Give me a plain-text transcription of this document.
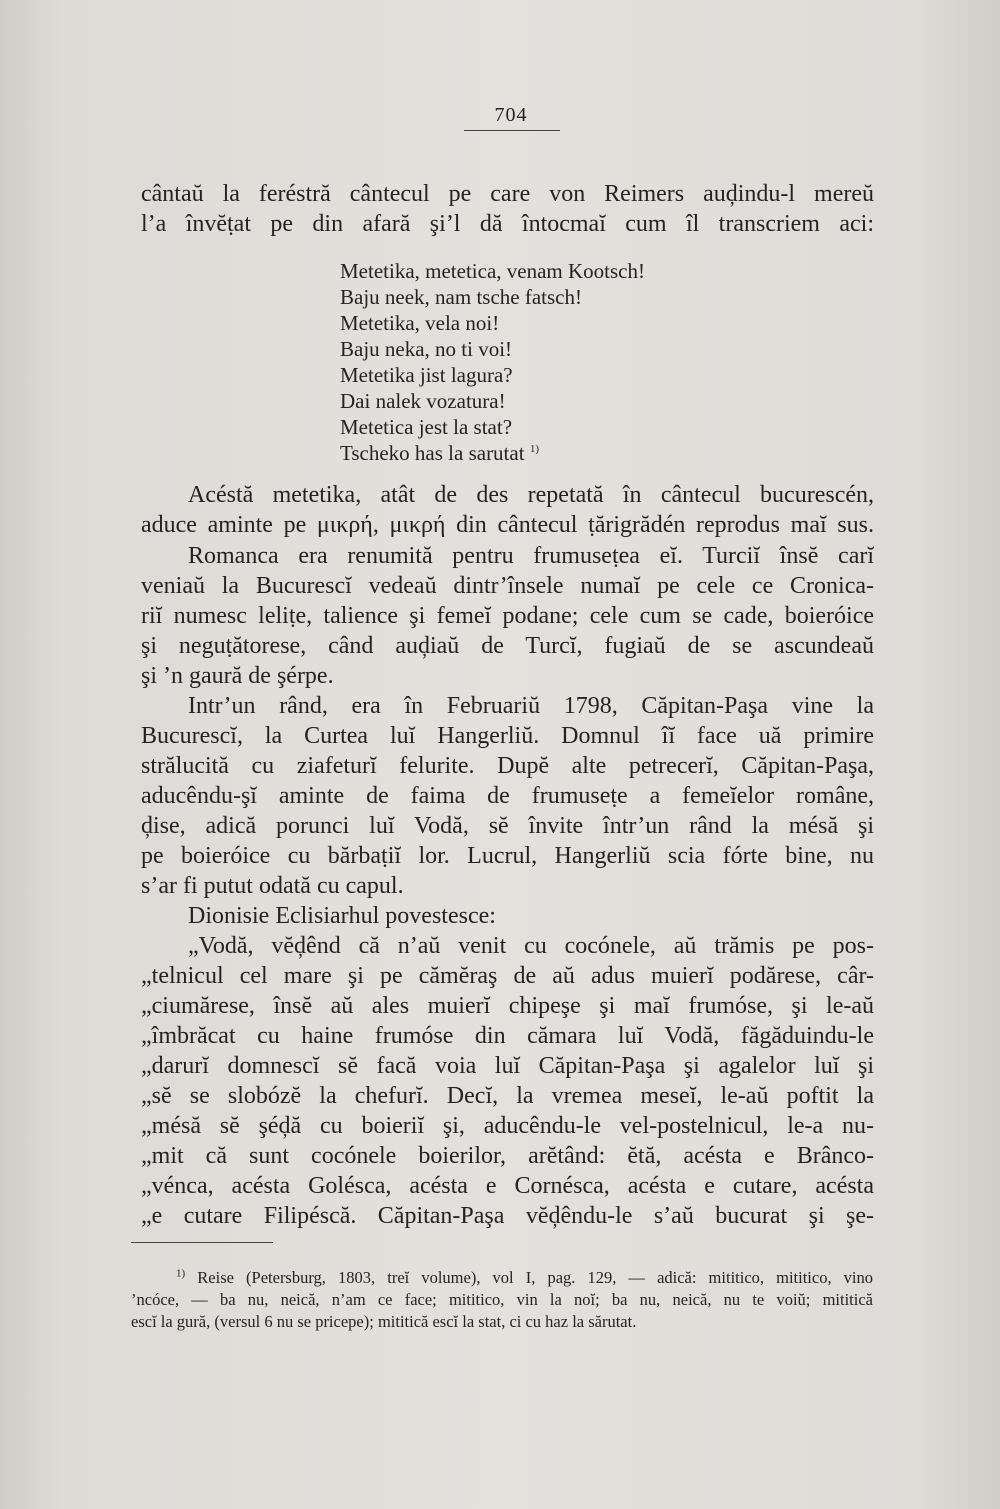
704
cântaŭ la feréstră cântecul pe care von Reimers auḑindu-l mereŭ
l’a învĕṭat pe din afară şi’l dă întocmaĭ cum îl transcriem aci:
Metetika, metetica, venam Kootsch!
Baju neek, nam tsche fatsch!
Metetika, vela noi!
Baju neka, no ti voi!
Metetika jist lagura?
Dai nalek vozatura!
Metetica jest la stat?
Tscheko has la sarutat $^{1)}$
Acéstă metetika, atât de des repetată în cântecul bucurescén,
aduce aminte pe μικρή, μικρή din cântecul ṭărigrădén reprodus maĭ sus.
Romanca era renumită pentru frumuseṭea eĭ. Turciĭ însĕ carĭ
veniaŭ la Bucurescĭ vedeaŭ dintr’însele numaĭ pe cele ce Cronica-
riĭ numesc leliṭe, talience şi femeĭ podane; cele cum se cade, boieróice
şi neguṭătorese, când auḑiaŭ de Turcĭ, fugiaŭ de se ascundeaŭ
şi ’n gaură de şérpe.
Intr’un rând, era în Februariŭ 1798, Căpitan-Paşa vine la
Bucurescĭ, la Curtea luĭ Hangerliŭ. Domnul îĭ face uă primire
strălucită cu ziafeturĭ felurite. Dupĕ alte petrecerĭ, Căpitan-Paşa,
aducêndu-şĭ aminte de faima de frumuseṭe a femeĭelor române,
ḑise, adică porunci luĭ Vodă, sĕ învite într’un rând la mésă şi
pe boieróice cu bărbaṭiĭ lor. Lucrul, Hangerliŭ scia fórte bine, nu
s’ar fi putut odată cu capul.
Dionisie Eclisiarhul povestesce:
„Vodă, vĕḑênd că n’aŭ venit cu cocónele, aŭ trămis pe pos-
„telnicul cel mare şi pe cămĕraş de aŭ adus muierĭ podărese, câr-
„ciumărese, însĕ aŭ ales muierĭ chipeşe şi maĭ frumóse, şi le-aŭ
„îmbrăcat cu haine frumóse din cămara luĭ Vodă, făgăduindu-le
„darurĭ domnescĭ sĕ facă voia luĭ Căpitan-Paşa şi agalelor luĭ şi
„sĕ se slobózĕ la chefurĭ. Decĭ, la vremea meseĭ, le-aŭ poftit la
„mésă sĕ şéḑă cu boieriĭ şi, aducêndu-le vel-postelnicul, le-a nu-
„mit că sunt cocónele boierilor, arĕtând: ĕtă, acésta e Brânco-
„vénca, acésta Golésca, acésta e Cornésca, acésta e cutare, acésta
„e cutare Filipéscă. Căpitan-Paşa vĕḑêndu-le s’aŭ bucurat şi şe-
$^{1)}$ Reise (Petersburg, 1803, treĭ volume), vol I, pag. 129, — adică: mititico, mititico, vino
’ncóce, — ba nu, neică, n’am ce face; mititico, vin la noĭ; ba nu, neică, nu te voiŭ; mititică
escĭ la gură, (versul 6 nu se pricepe); mititică escĭ la stat, ci cu haz la sărutat.
